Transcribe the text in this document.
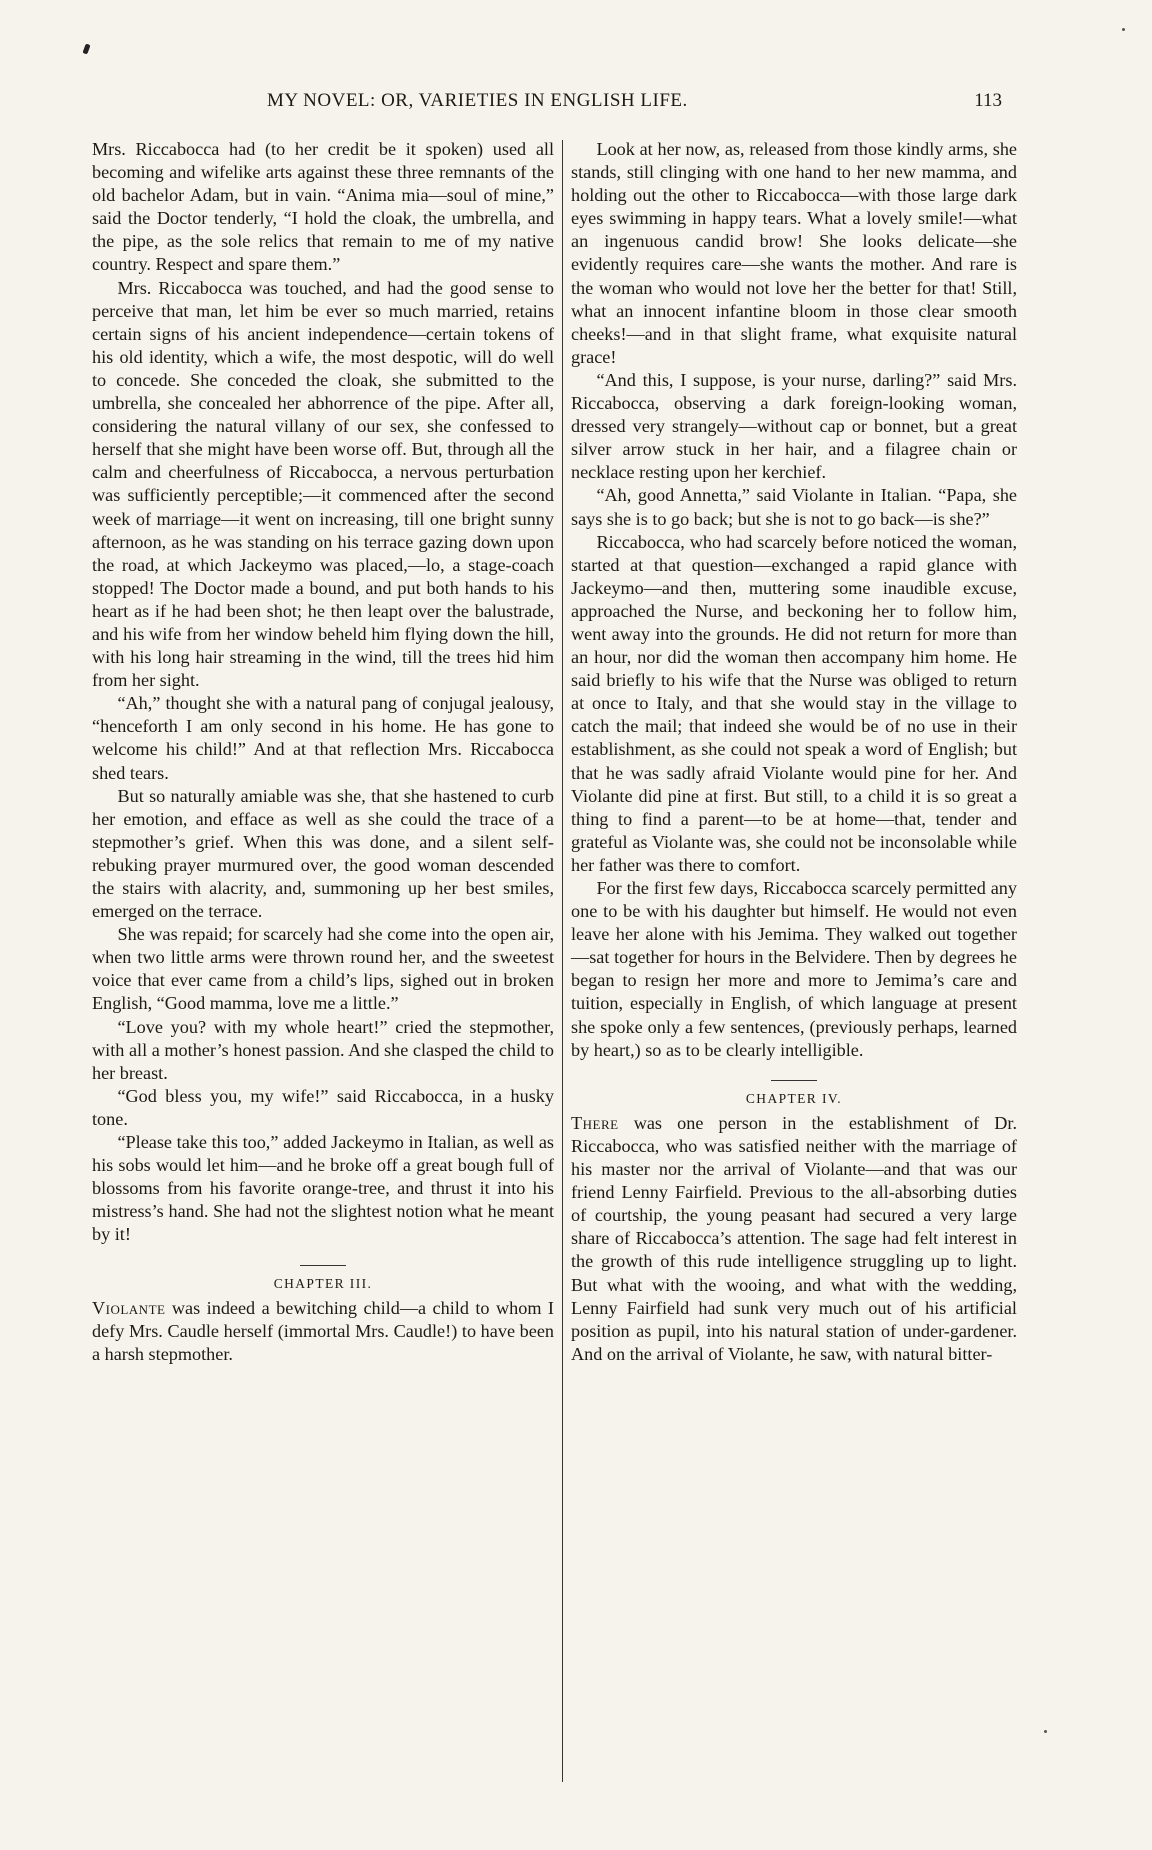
MY NOVEL: OR, VARIETIES IN ENGLISH LIFE.	113

Mrs. Riccabocca had (to her credit be it spoken) used all becoming and wifelike arts against these three remnants of the old bachelor Adam, but in vain. “Anima mia—soul of mine,” said the Doctor tenderly, “I hold the cloak, the umbrella, and the pipe, as the sole relics that remain to me of my native country. Respect and spare them.”

Mrs. Riccabocca was touched, and had the good sense to perceive that man, let him be ever so much married, retains certain signs of his ancient independence—certain tokens of his old identity, which a wife, the most despotic, will do well to concede. She conceded the cloak, she submitted to the umbrella, she concealed her abhorrence of the pipe. After all, considering the natural villany of our sex, she confessed to herself that she might have been worse off. But, through all the calm and cheerfulness of Riccabocca, a nervous perturbation was sufficiently perceptible;—it commenced after the second week of marriage—it went on increasing, till one bright sunny afternoon, as he was standing on his terrace gazing down upon the road, at which Jackeymo was placed,—lo, a stage-coach stopped! The Doctor made a bound, and put both hands to his heart as if he had been shot; he then leapt over the balustrade, and his wife from her window beheld him flying down the hill, with his long hair streaming in the wind, till the trees hid him from her sight.

“Ah,” thought she with a natural pang of conjugal jealousy, “henceforth I am only second in his home. He has gone to welcome his child!” And at that reflection Mrs. Riccabocca shed tears.

But so naturally amiable was she, that she hastened to curb her emotion, and efface as well as she could the trace of a stepmother’s grief. When this was done, and a silent self-rebuking prayer murmured over, the good woman descended the stairs with alacrity, and, summoning up her best smiles, emerged on the terrace.

She was repaid; for scarcely had she come into the open air, when two little arms were thrown round her, and the sweetest voice that ever came from a child’s lips, sighed out in broken English, “Good mamma, love me a little.”

“Love you? with my whole heart!” cried the stepmother, with all a mother’s honest passion. And she clasped the child to her breast.

“God bless you, my wife!” said Riccabocca, in a husky tone.

“Please take this too,” added Jackeymo in Italian, as well as his sobs would let him—and he broke off a great bough full of blossoms from his favorite orange-tree, and thrust it into his mistress’s hand. She had not the slightest notion what he meant by it!

CHAPTER III.

Violante was indeed a bewitching child—a child to whom I defy Mrs. Caudle herself (immortal Mrs. Caudle!) to have been a harsh stepmother.

Look at her now, as, released from those kindly arms, she stands, still clinging with one hand to her new mamma, and holding out the other to Riccabocca—with those large dark eyes swimming in happy tears. What a lovely smile!—what an ingenuous candid brow! She looks delicate—she evidently requires care—she wants the mother. And rare is the woman who would not love her the better for that! Still, what an innocent infantine bloom in those clear smooth cheeks!—and in that slight frame, what exquisite natural grace!

“And this, I suppose, is your nurse, darling?” said Mrs. Riccabocca, observing a dark foreign-looking woman, dressed very strangely—without cap or bonnet, but a great silver arrow stuck in her hair, and a filagree chain or necklace resting upon her kerchief.

“Ah, good Annetta,” said Violante in Italian. “Papa, she says she is to go back; but she is not to go back—is she?”

Riccabocca, who had scarcely before noticed the woman, started at that question—exchanged a rapid glance with Jackeymo—and then, muttering some inaudible excuse, approached the Nurse, and beckoning her to follow him, went away into the grounds. He did not return for more than an hour, nor did the woman then accompany him home. He said briefly to his wife that the Nurse was obliged to return at once to Italy, and that she would stay in the village to catch the mail; that indeed she would be of no use in their establishment, as she could not speak a word of English; but that he was sadly afraid Violante would pine for her. And Violante did pine at first. But still, to a child it is so great a thing to find a parent—to be at home—that, tender and grateful as Violante was, she could not be inconsolable while her father was there to comfort.

For the first few days, Riccabocca scarcely permitted any one to be with his daughter but himself. He would not even leave her alone with his Jemima. They walked out together—sat together for hours in the Belvidere. Then by degrees he began to resign her more and more to Jemima’s care and tuition, especially in English, of which language at present she spoke only a few sentences, (previously perhaps, learned by heart,) so as to be clearly intelligible.

CHAPTER IV.

There was one person in the establishment of Dr. Riccabocca, who was satisfied neither with the marriage of his master nor the arrival of Violante—and that was our friend Lenny Fairfield. Previous to the all-absorbing duties of courtship, the young peasant had secured a very large share of Riccabocca’s attention. The sage had felt interest in the growth of this rude intelligence struggling up to light. But what with the wooing, and what with the wedding, Lenny Fairfield had sunk very much out of his artificial position as pupil, into his natural station of under-gardener. And on the arrival of Violante, he saw, with natural bitter-
